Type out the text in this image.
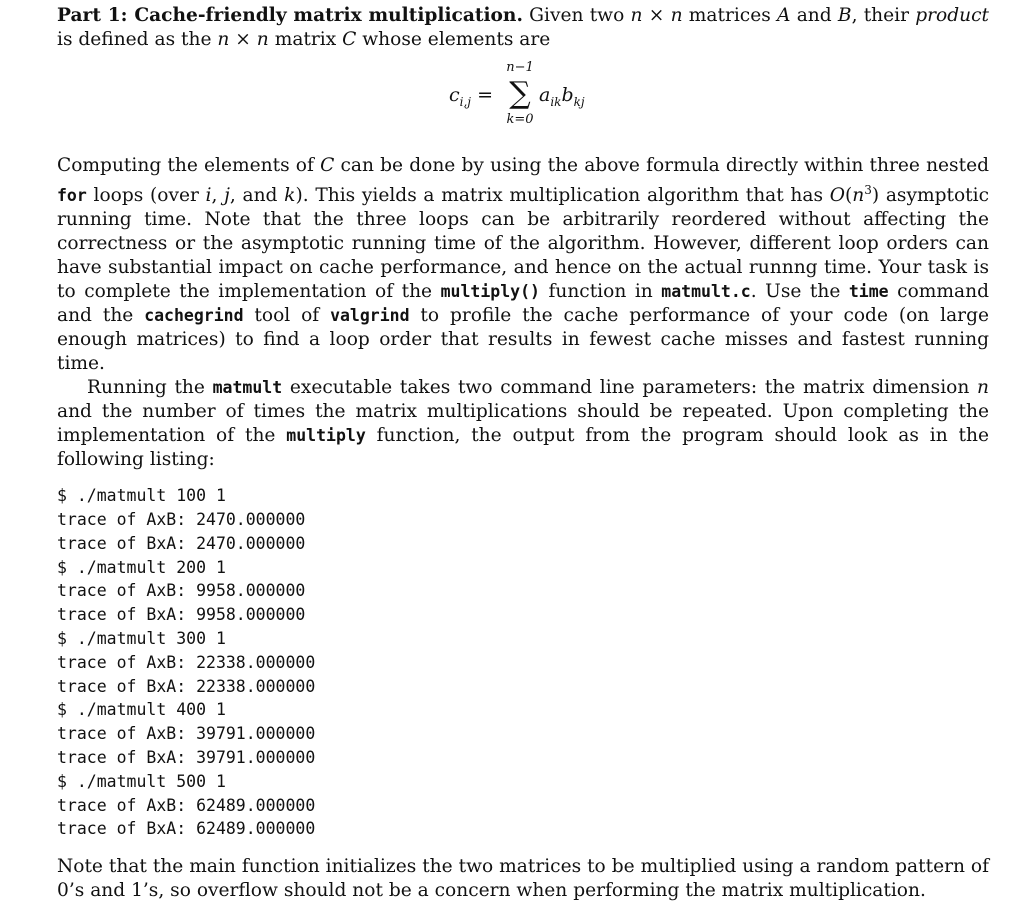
Part 1: Cache-friendly matrix multiplication. Given two n × n matrices A and B, their product is defined as the n × n matrix C whose elements are

$c_{i,j}$ =
n−1
∑
k=0
$a_{ik}b_{kj}$

Computing the elements of C can be done by using the above formula directly within three nested for loops (over i, j, and k). This yields a matrix multiplication algorithm that has $O(n^3)$ asymptotic running time. Note that the three loops can be arbitrarily reordered without affecting the correctness or the asymptotic running time of the algorithm. However, different loop orders can have substantial impact on cache performance, and hence on the actual runnng time. Your task is to complete the implementation of the multiply() function in matmult.c. Use the time command and the cachegrind tool of valgrind to profile the cache performance of your code (on large enough matrices) to find a loop order that results in fewest cache misses and fastest running time.

Running the matmult executable takes two command line parameters: the matrix dimension n and the number of times the matrix multiplications should be repeated. Upon completing the implementation of the multiply function, the output from the program should look as in the following listing:

$ ./matmult 100 1
trace of AxB: 2470.000000
trace of BxA: 2470.000000
$ ./matmult 200 1
trace of AxB: 9958.000000
trace of BxA: 9958.000000
$ ./matmult 300 1
trace of AxB: 22338.000000
trace of BxA: 22338.000000
$ ./matmult 400 1
trace of AxB: 39791.000000
trace of BxA: 39791.000000
$ ./matmult 500 1
trace of AxB: 62489.000000
trace of BxA: 62489.000000

Note that the main function initializes the two matrices to be multiplied using a random pattern of 0’s and 1’s, so overflow should not be a concern when performing the matrix multiplication.
